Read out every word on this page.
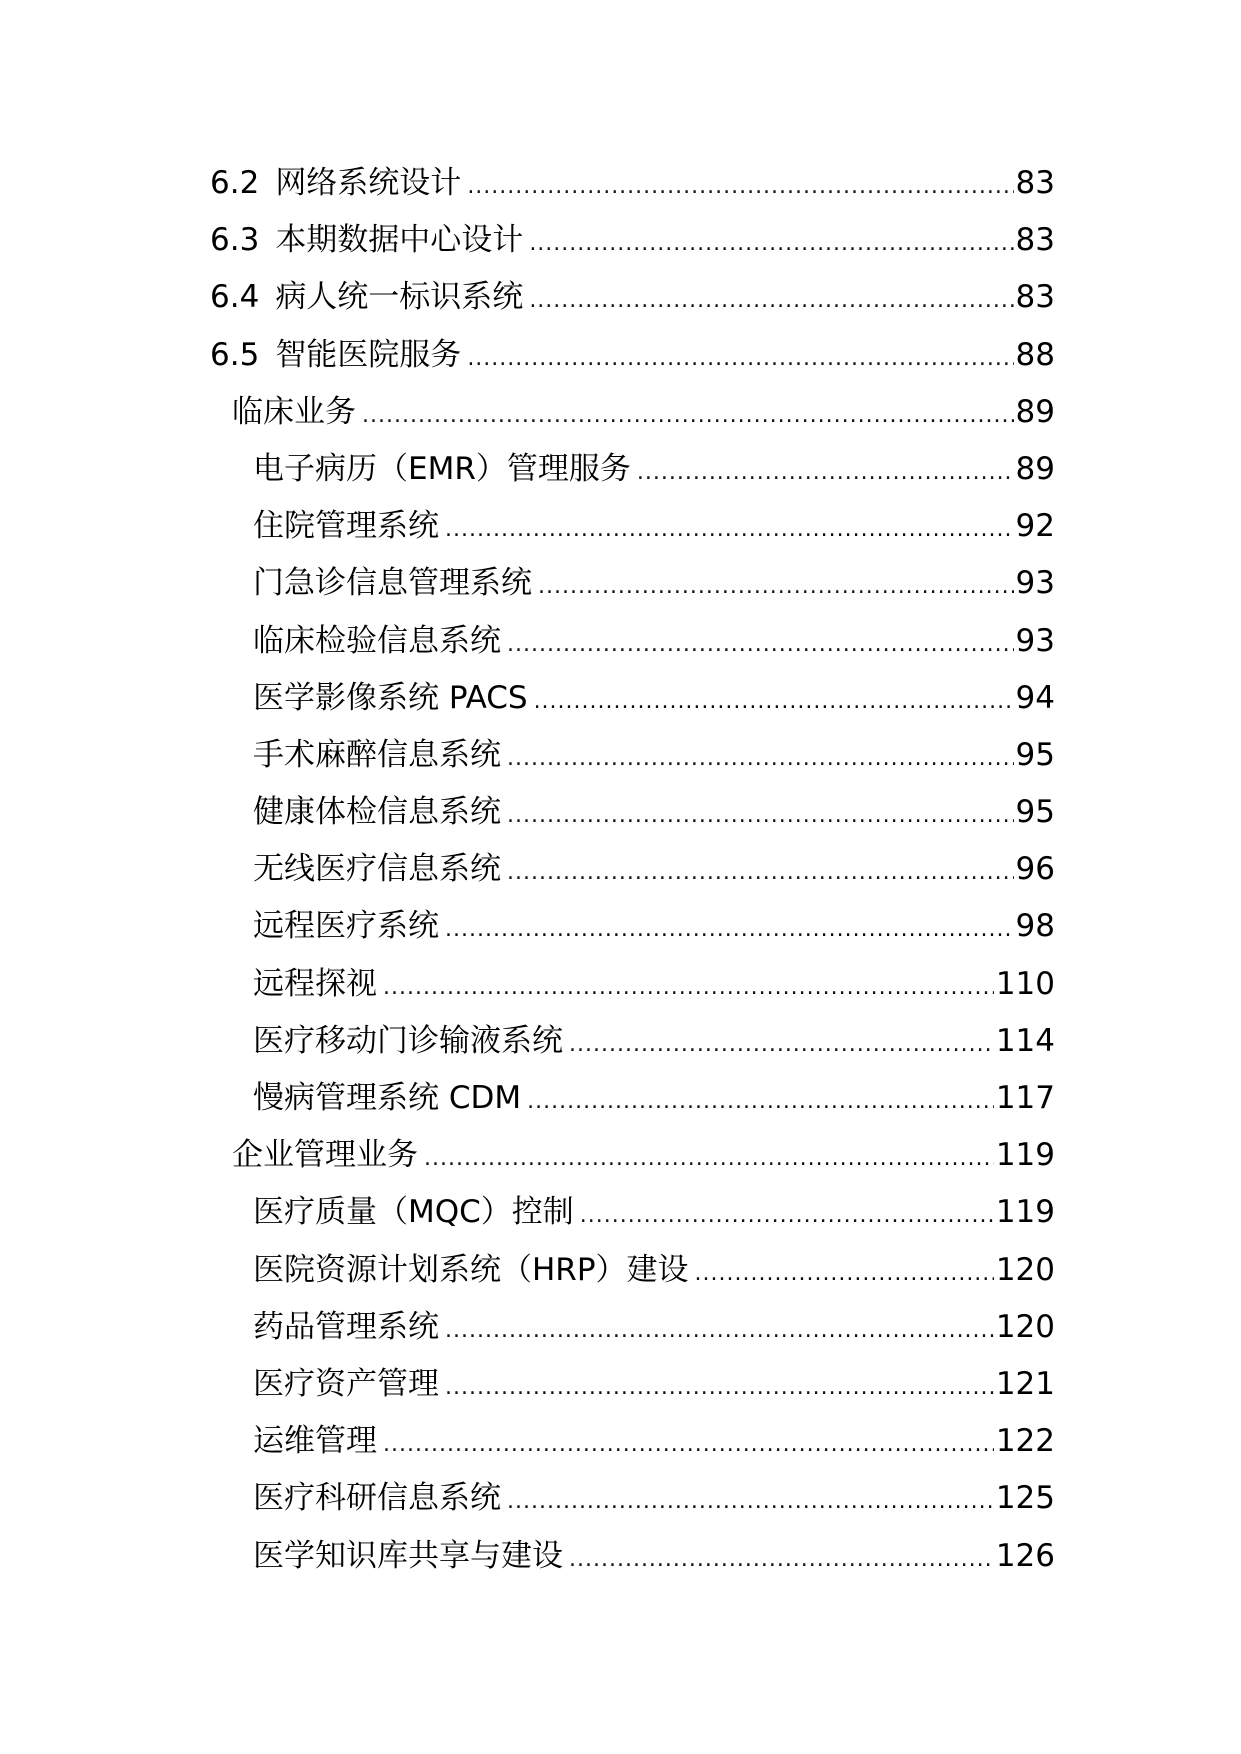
6.2 网络系统设计 .....	83
6.3 本期数据中心设计 .....	83
6.4 病人统一标识系统 .....	83
6.5 智能医院服务 .....	88
临床业务 .....	89
电子病历（EMR）管理服务 .....	89
住院管理系统 .....	92
门急诊信息管理系统 .....	93
临床检验信息系统 .....	93
医学影像系统 PACS .....	94
手术麻醉信息系统 .....	95
健康体检信息系统 .....	95
无线医疗信息系统 .....	96
远程医疗系统 .....	98
远程探视 .....	110
医疗移动门诊输液系统 .....	114
慢病管理系统 CDM .....	117
企业管理业务 .....	119
医疗质量（MQC）控制 .....	119
医院资源计划系统（HRP）建设 .....	120
药品管理系统 .....	120
医疗资产管理 .....	121
运维管理 .....	122
医疗科研信息系统 .....	125
医学知识库共享与建设 .....	126
